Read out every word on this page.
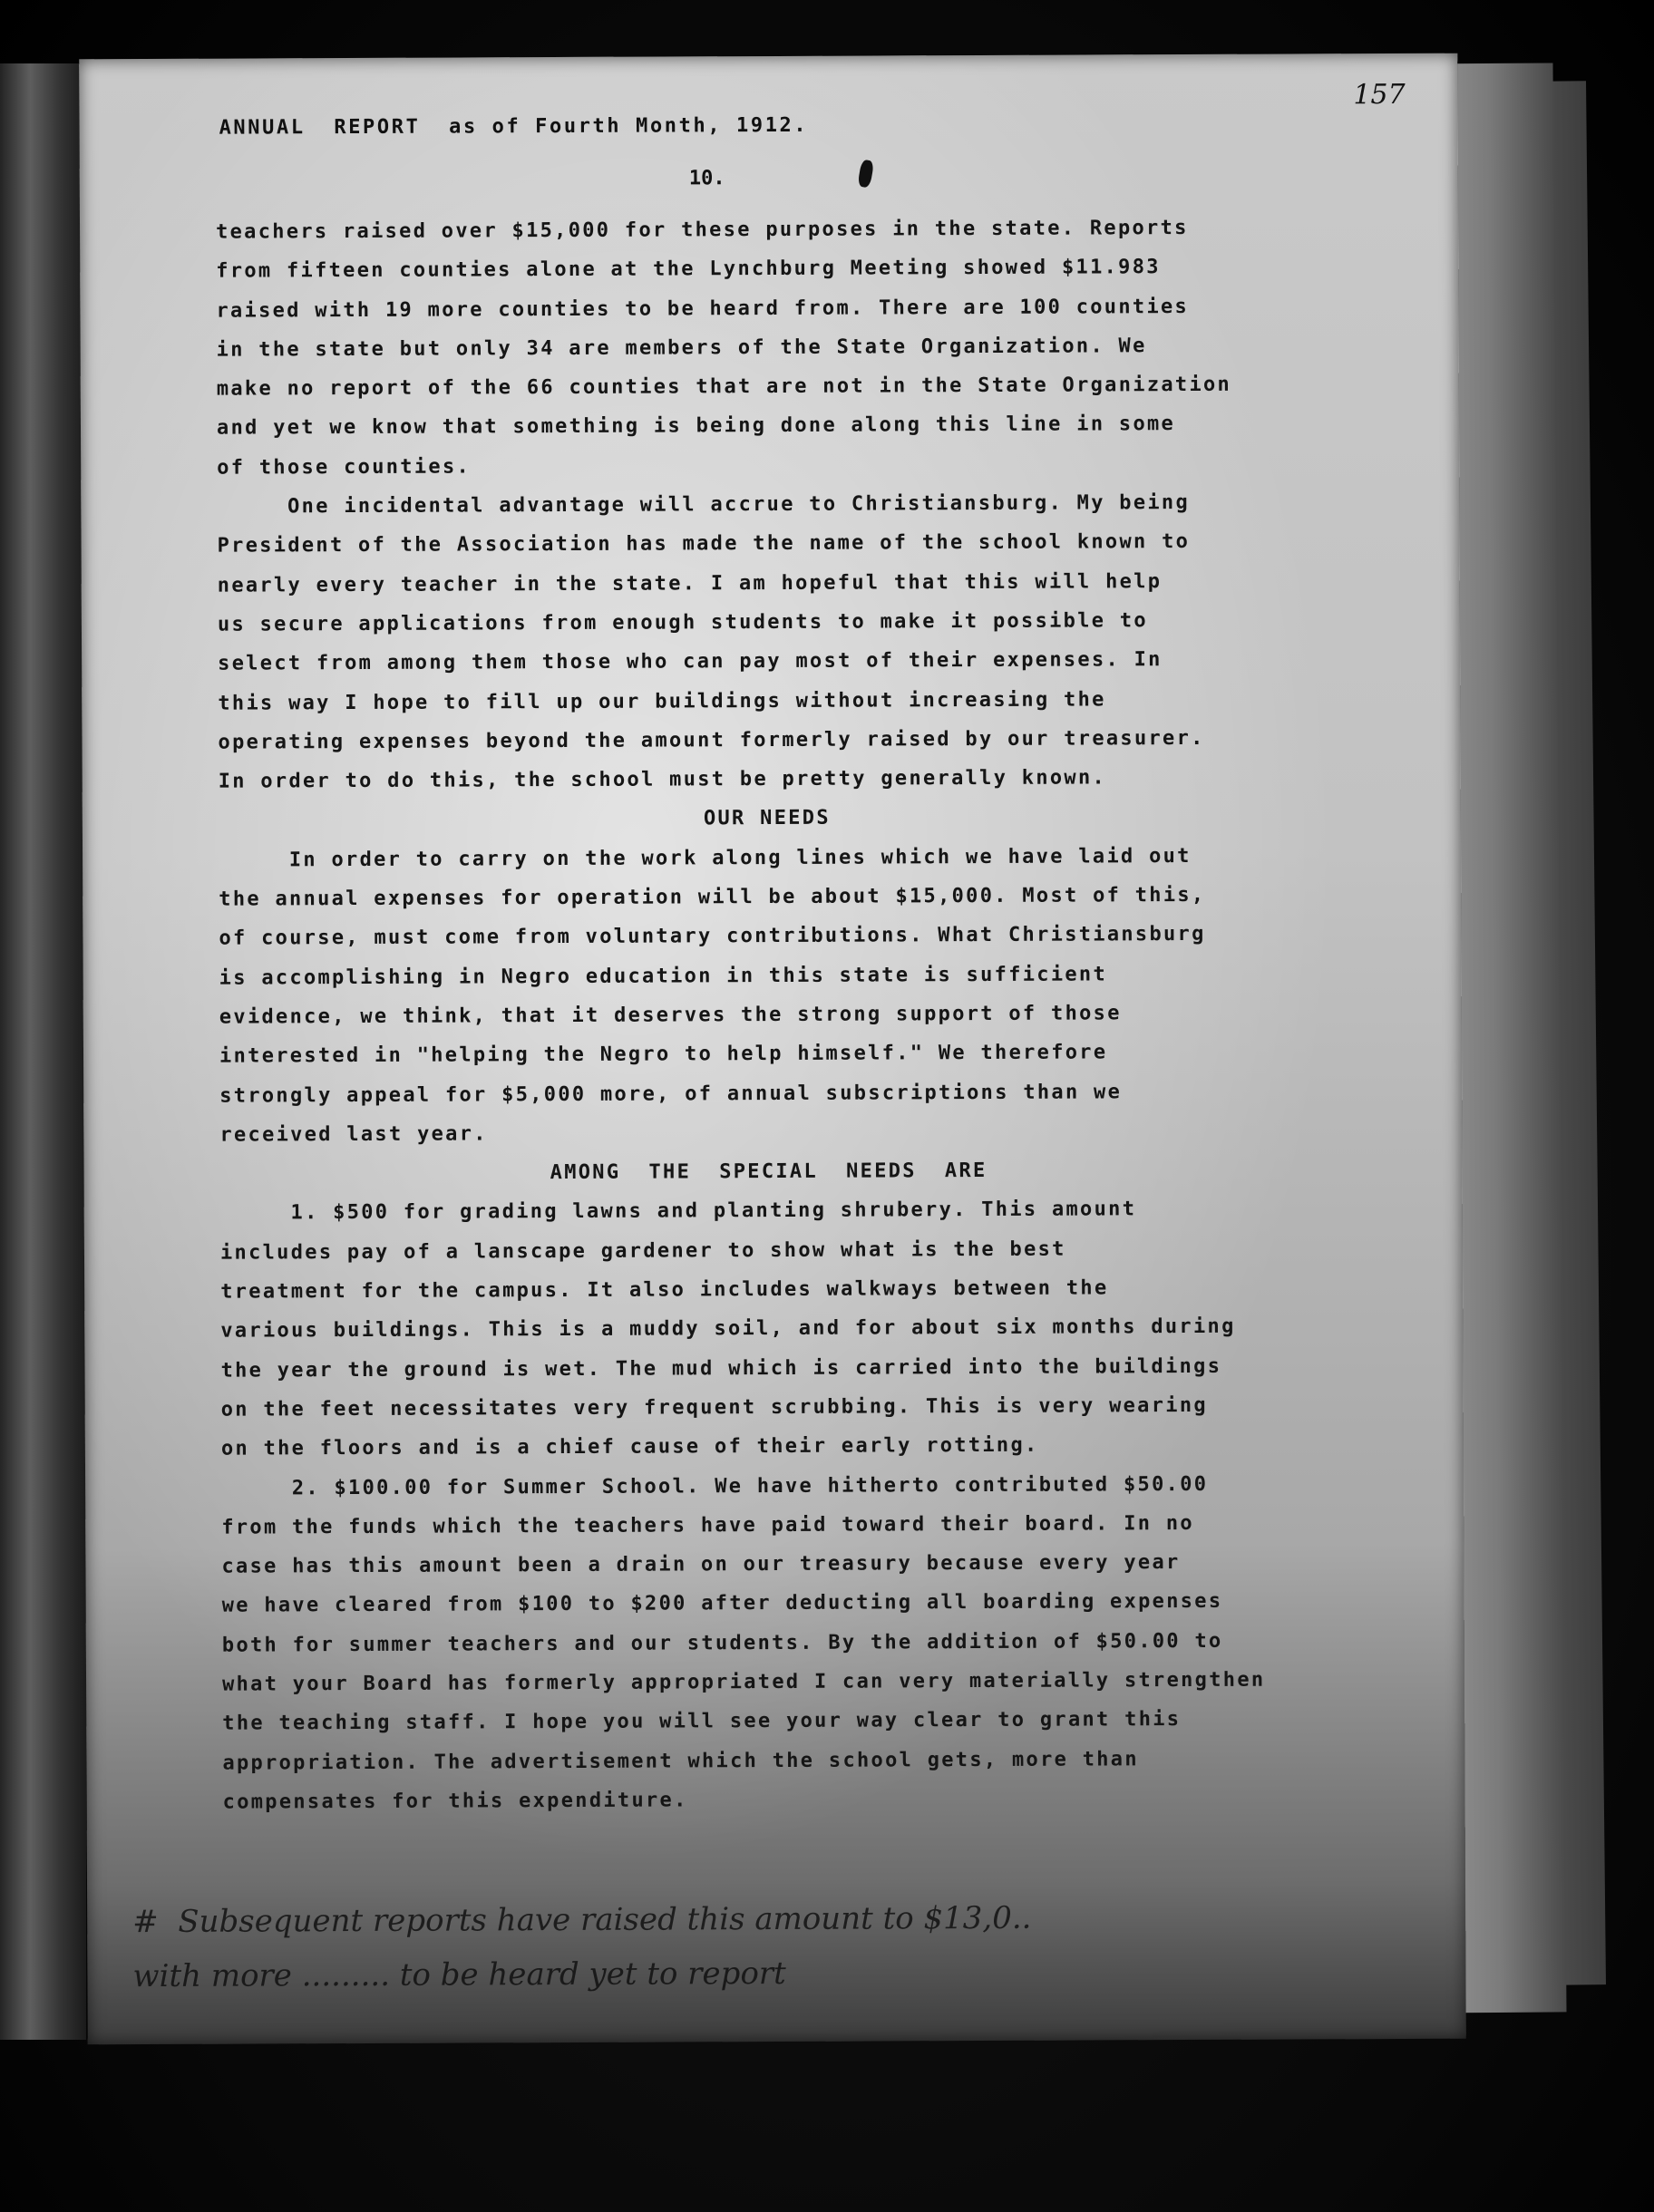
157
ANNUAL  REPORT  as of Fourth Month, 1912.
10.
teachers raised over $15,000 for these purposes in the state. Reports
from fifteen counties alone at the Lynchburg Meeting showed $11.983
raised with 19 more counties to be heard from. There are 100 counties
in the state but only 34 are members of the State Organization. We
make no report of the 66 counties that are not in the State Organization
and yet we know that something is being done along this line in some
of those counties.
One incidental advantage will accrue to Christiansburg. My being
President of the Association has made the name of the school known to
nearly every teacher in the state. I am hopeful that this will help
us secure applications from enough students to make it possible to
select from among them those who can pay most of their expenses. In
this way I hope to fill up our buildings without increasing the
operating expenses beyond the amount formerly raised by our treasurer.
In order to do this, the school must be pretty generally known.
OUR NEEDS
In order to carry on the work along lines which we have laid out
the annual expenses for operation will be about $15,000. Most of this,
of course, must come from voluntary contributions. What Christiansburg
is accomplishing in Negro education in this state is sufficient
evidence, we think, that it deserves the strong support of those
interested in "helping the Negro to help himself." We therefore
strongly appeal for $5,000 more, of annual subscriptions than we
received last year.
AMONG  THE  SPECIAL  NEEDS  ARE
1. $500 for grading lawns and planting shrubery. This amount
includes pay of a lanscape gardener to show what is the best
treatment for the campus. It also includes walkways between the
various buildings. This is a muddy soil, and for about six months during
the year the ground is wet. The mud which is carried into the buildings
on the feet necessitates very frequent scrubbing. This is very wearing
on the floors and is a chief cause of their early rotting.
2. $100.00 for Summer School. We have hitherto contributed $50.00
from the funds which the teachers have paid toward their board. In no
case has this amount been a drain on our treasury because every year
we have cleared from $100 to $200 after deducting all boarding expenses
both for summer teachers and our students. By the addition of $50.00 to
what your Board has formerly appropriated I can very materially strengthen
the teaching staff. I hope you will see your way clear to grant this
appropriation. The advertisement which the school gets, more than
compensates for this expenditure.
#  Subsequent reports have raised this amount to $13,0..
with more ......... to be heard yet to report
